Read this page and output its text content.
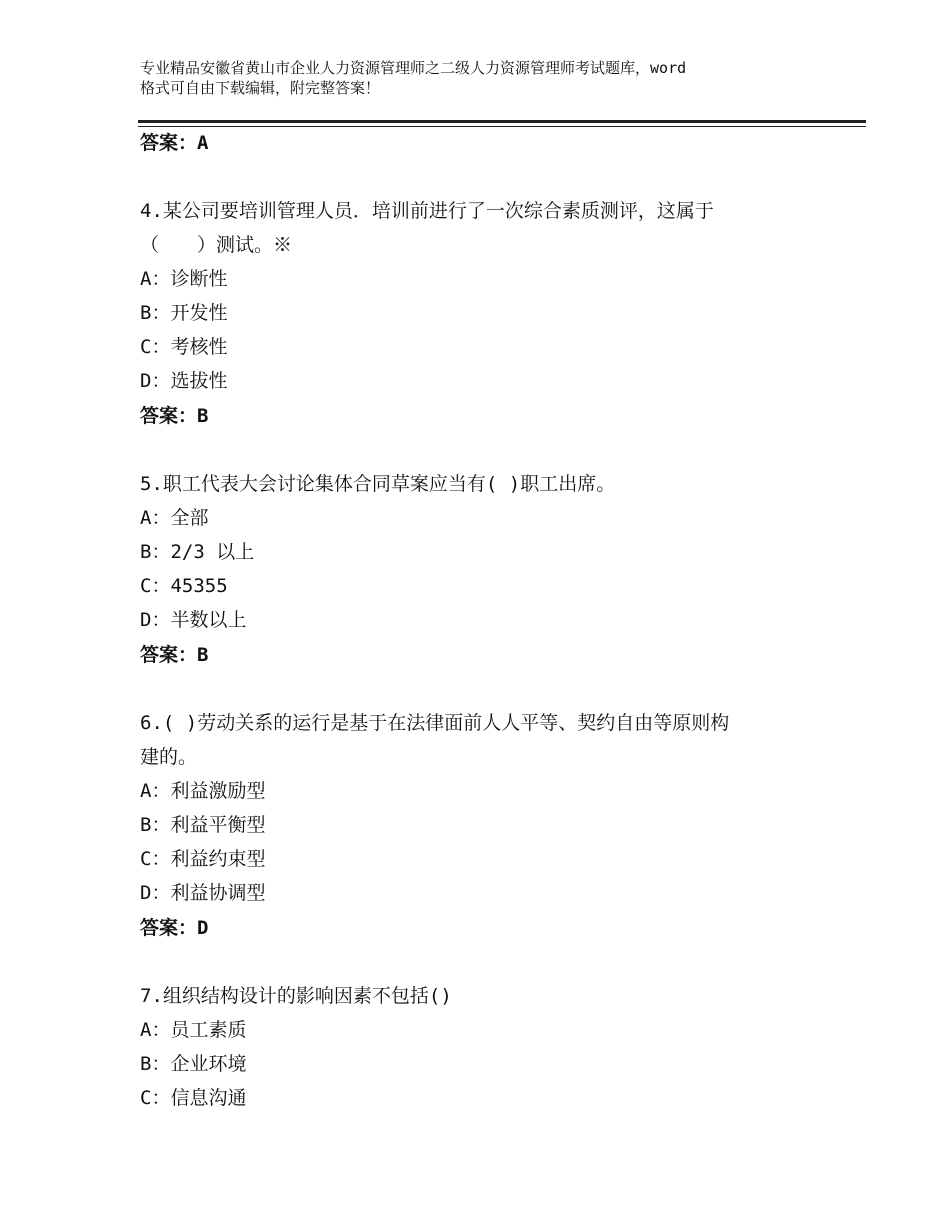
专业精品安徽省黄山市企业人力资源管理师之二级人力资源管理师考试题库，word
格式可自由下载编辑，附完整答案！
答案：A
4.某公司要培训管理人员．培训前进行了一次综合素质测评，这属于
（　　）测试。※
A：诊断性
B：开发性
C：考核性
D：选拔性
答案：B
5.职工代表大会讨论集体合同草案应当有( )职工出席。
A：全部
B：2/3 以上
C：45355
D：半数以上
答案：B
6.( )劳动关系的运行是基于在法律面前人人平等、契约自由等原则构
建的。
A：利益激励型
B：利益平衡型
C：利益约束型
D：利益协调型
答案：D
7.组织结构设计的影响因素不包括()
A：员工素质
B：企业环境
C：信息沟通
